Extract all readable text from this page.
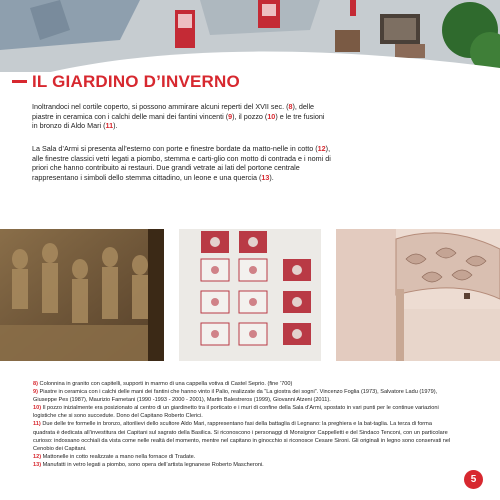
IL GIARDINO D’INVERNO

Inoltrandoci nel cortile coperto, si possono ammirare alcuni reperti del XVII sec. (8), delle piastre in ceramica con i calchi delle mani dei fantini vincenti (9), il pozzo (10) e le tre fusioni in bronzo di Aldo Mari (11).

La Sala d’Armi si presenta all’esterno con porte e finestre bordate da matto-nelle in cotto (12), alle finestre classici vetri legati a piombo, stemma e carti-glio con motto di contrada e i nomi di priori che hanno contribuito ai restauri. Due grandi vetrate ai lati del portone centrale rappresentano i simboli dello stemma cittadino, un leone e una quercia (13).

8) Colonnina in granito con capitelli, supporti in marmo di una cappella votiva di Castel Seprio. (fine ‘700)
9) Piastre in ceramica con i calchi delle mani dei fantini che hanno vinto il Palio, realizzate da “La giostra dei sogni”. Vincenzo Foglia (1973), Salvatore Ladu (1979), Giuseppe Pes (1987), Maurizio Farnetani (1990 -1993 - 2000 - 2001), Martin Balestreros (1999), Giovanni Atzeni (2011).
10) Il pozzo inizialmente era posizionato al centro di un giardinetto tra il porticato e i muri di confine della Sala d’Armi, spostato in vari punti per le continue variazioni logistiche che si sono succedute. Dono del Capitano Roberto Clerici.
11) Due delle tre formelle in bronzo, altorilievi dello scultore Aldo Mari, rappresentano fasi della battaglia di Legnano: la preghiera e la bat-taglia. La terza di forma quadrata è dedicata all’investitura dei Capitani sul sagrato della Basilica. Si riconoscono i personaggi di Monsignor Cappelletti e del Sindaco Tenconi, con un particolare curioso: indossano occhiali da vista come nelle realtà del momento, mentre nel capitano in ginocchio si riconosce Cesare Sironi. Gli originali in legno sono conservati nel Cenobio dei Capitani.
12) Mattonelle in cotto realizzate a mano nella fornace di Tradate.
13) Manufatti in vetro legati a piombo, sono opera dell’artista legnanese Roberto Mascheroni.
5
